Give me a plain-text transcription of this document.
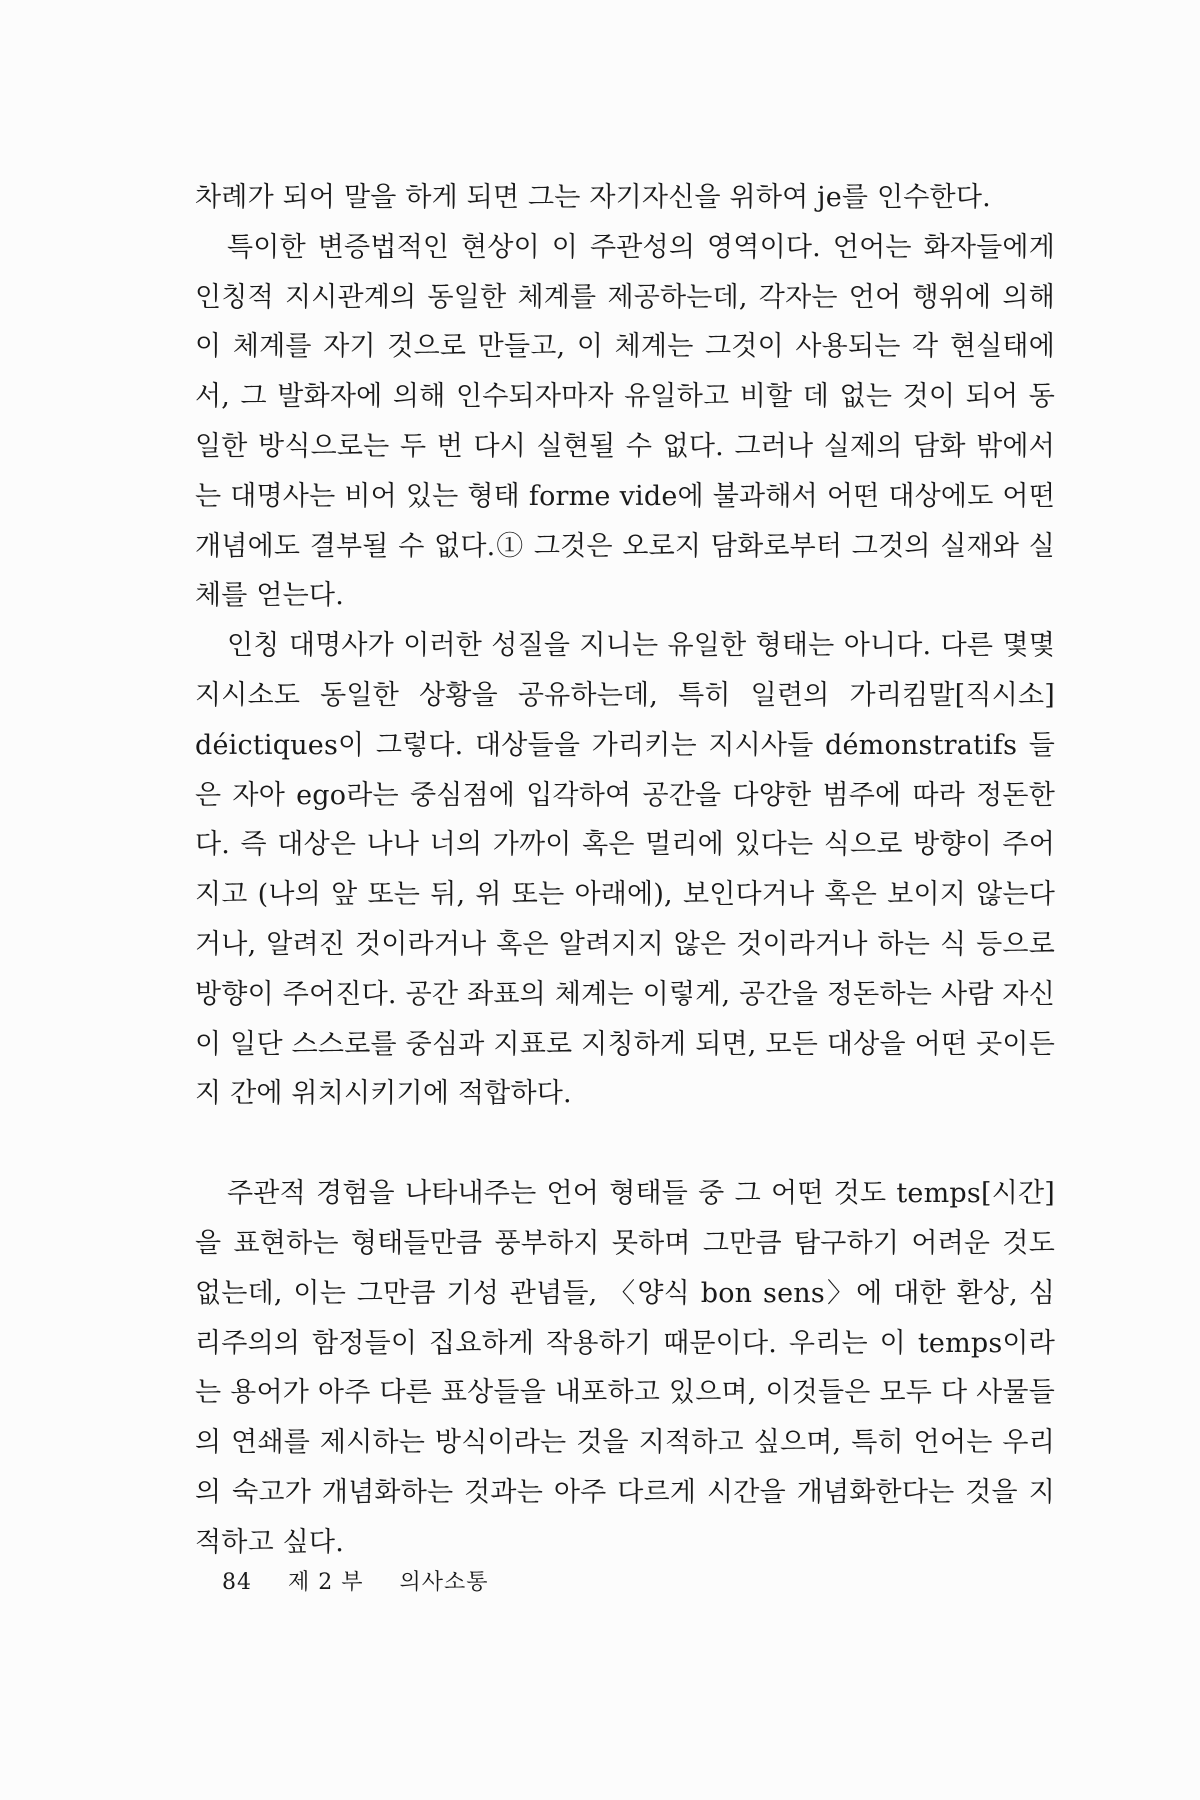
차례가 되어 말을 하게 되면 그는 자기자신을 위하여 je를 인수한다.

특이한 변증법적인 현상이 이 주관성의 영역이다. 언어는 화자들에게 인칭적 지시관계의 동일한 체계를 제공하는데, 각자는 언어 행위에 의해 이 체계를 자기 것으로 만들고, 이 체계는 그것이 사용되는 각 현실태에서, 그 발화자에 의해 인수되자마자 유일하고 비할 데 없는 것이 되어 동일한 방식으로는 두 번 다시 실현될 수 없다. 그러나 실제의 담화 밖에서는 대명사는 비어 있는 형태 forme vide에 불과해서 어떤 대상에도 어떤 개념에도 결부될 수 없다.① 그것은 오로지 담화로부터 그것의 실재와 실체를 얻는다.

인칭 대명사가 이러한 성질을 지니는 유일한 형태는 아니다. 다른 몇몇 지시소도 동일한 상황을 공유하는데, 특히 일련의 가리킴말[직시소] déictiques이 그렇다. 대상들을 가리키는 지시사들 démonstratifs 들은 자아 ego라는 중심점에 입각하여 공간을 다양한 범주에 따라 정돈한다. 즉 대상은 나나 너의 가까이 혹은 멀리에 있다는 식으로 방향이 주어지고 (나의 앞 또는 뒤, 위 또는 아래에), 보인다거나 혹은 보이지 않는다거나, 알려진 것이라거나 혹은 알려지지 않은 것이라거나 하는 식 등으로 방향이 주어진다. 공간 좌표의 체계는 이렇게, 공간을 정돈하는 사람 자신이 일단 스스로를 중심과 지표로 지칭하게 되면, 모든 대상을 어떤 곳이든지 간에 위치시키기에 적합하다.

주관적 경험을 나타내주는 언어 형태들 중 그 어떤 것도 temps[시간]을 표현하는 형태들만큼 풍부하지 못하며 그만큼 탐구하기 어려운 것도 없는데, 이는 그만큼 기성 관념들, 〈양식 bon sens〉에 대한 환상, 심리주의의 함정들이 집요하게 작용하기 때문이다. 우리는 이 temps이라는 용어가 아주 다른 표상들을 내포하고 있으며, 이것들은 모두 다 사물들의 연쇄를 제시하는 방식이라는 것을 지적하고 싶으며, 특히 언어는 우리의 숙고가 개념화하는 것과는 아주 다르게 시간을 개념화한다는 것을 지적하고 싶다.

84 제 2 부 의사소통
